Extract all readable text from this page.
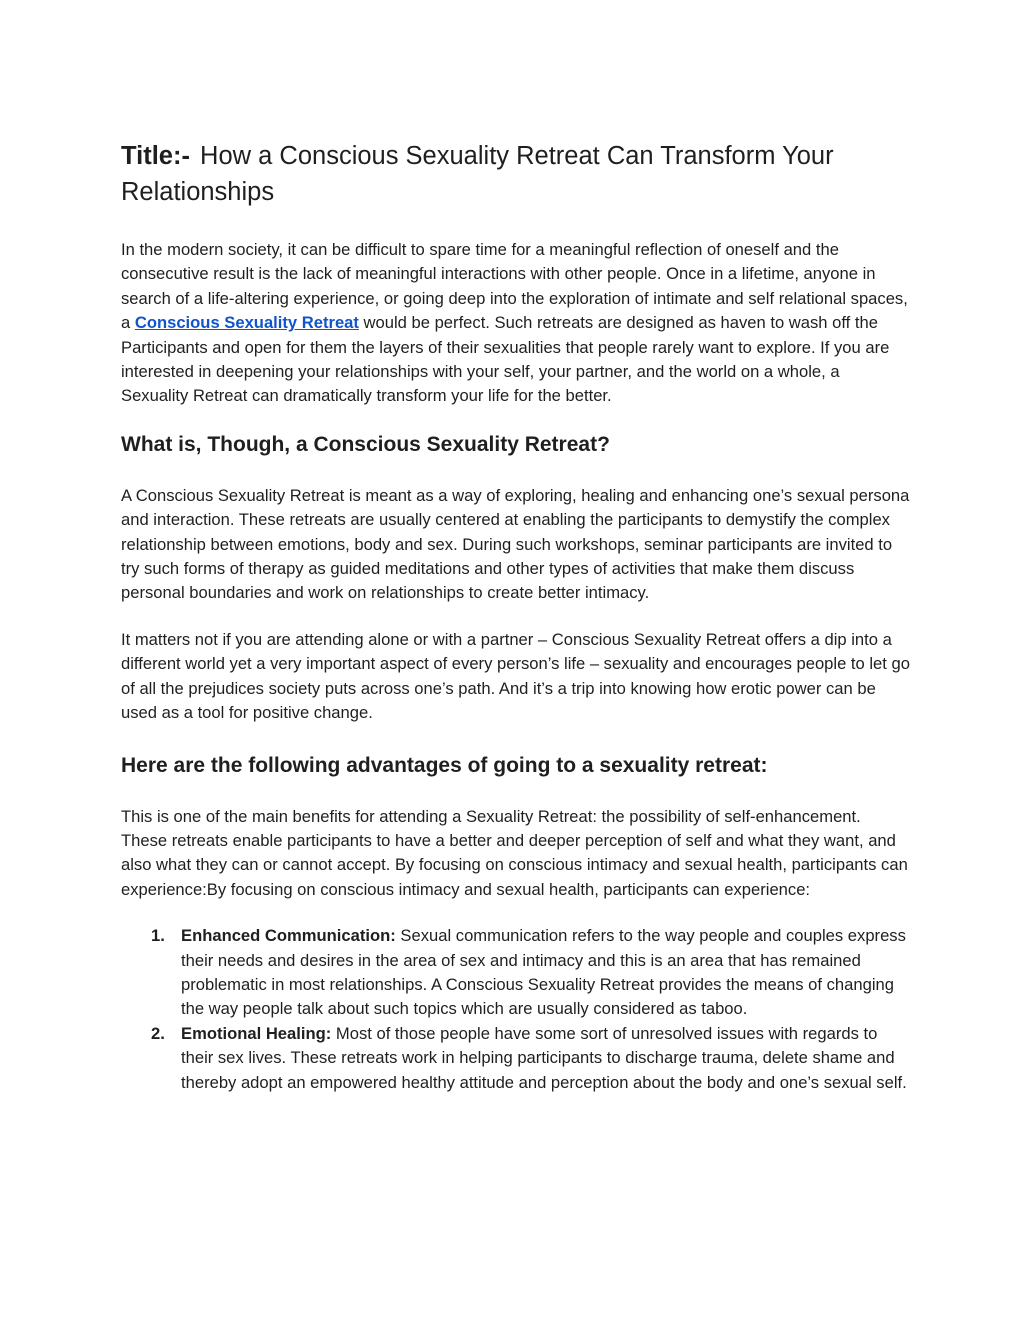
Title:- How a Conscious Sexuality Retreat Can Transform Your Relationships

In the modern society, it can be difficult to spare time for a meaningful reflection of oneself and the consecutive result is the lack of meaningful interactions with other people. Once in a lifetime, anyone in search of a life-altering experience, or going deep into the exploration of intimate and self relational spaces, a Conscious Sexuality Retreat would be perfect. Such retreats are designed as haven to wash off the Participants and open for them the layers of their sexualities that people rarely want to explore. If you are interested in deepening your relationships with your self, your partner, and the world on a whole, a Sexuality Retreat can dramatically transform your life for the better.

What is, Though, a Conscious Sexuality Retreat?

A Conscious Sexuality Retreat is meant as a way of exploring, healing and enhancing one’s sexual persona and interaction. These retreats are usually centered at enabling the participants to demystify the complex relationship between emotions, body and sex. During such workshops, seminar participants are invited to try such forms of therapy as guided meditations and other types of activities that make them discuss personal boundaries and work on relationships to create better intimacy.

It matters not if you are attending alone or with a partner – Conscious Sexuality Retreat offers a dip into a different world yet a very important aspect of every person’s life – sexuality and encourages people to let go of all the prejudices society puts across one’s path. And it’s a trip into knowing how erotic power can be used as a tool for positive change.

Here are the following advantages of going to a sexuality retreat:

This is one of the main benefits for attending a Sexuality Retreat: the possibility of self-enhancement. These retreats enable participants to have a better and deeper perception of self and what they want, and also what they can or cannot accept. By focusing on conscious intimacy and sexual health, participants can experience:By focusing on conscious intimacy and sexual health, participants can experience:

1. Enhanced Communication: Sexual communication refers to the way people and couples express their needs and desires in the area of sex and intimacy and this is an area that has remained problematic in most relationships. A Conscious Sexuality Retreat provides the means of changing the way people talk about such topics which are usually considered as taboo.
2. Emotional Healing: Most of those people have some sort of unresolved issues with regards to their sex lives. These retreats work in helping participants to discharge trauma, delete shame and thereby adopt an empowered healthy attitude and perception about the body and one’s sexual self.
